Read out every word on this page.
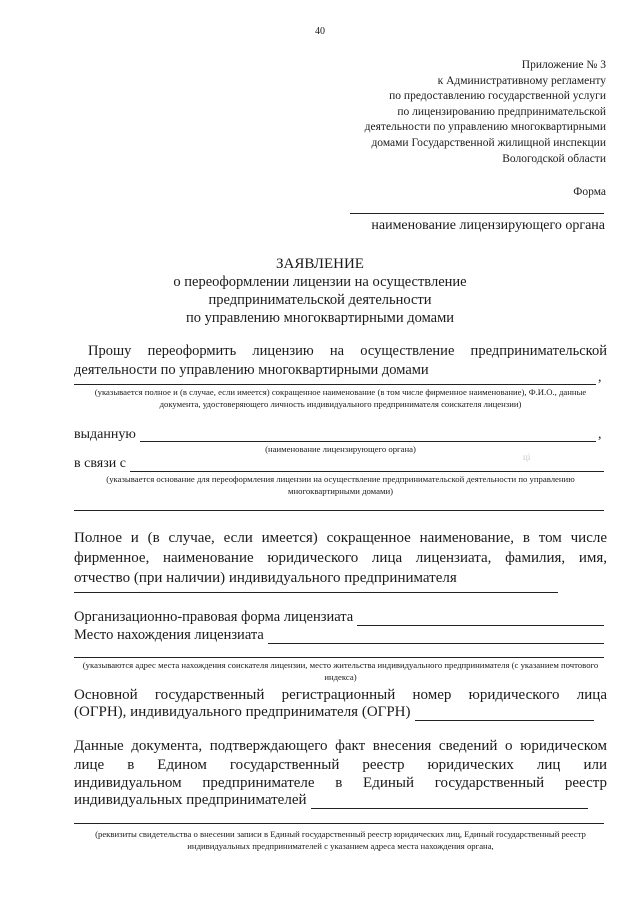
40
Приложение № 3
к Административному регламенту
по предоставлению государственной услуги
по лицензированию предпринимательской
деятельности по управлению многоквартирными
домами Государственной жилищной инспекции
Вологодской области
Форма
наименование лицензирующего органа
ЗАЯВЛЕНИЕ
о переоформлении лицензии на осуществление
предпринимательской деятельности
по управлению многоквартирными домами
Прошу переоформить лицензию на осуществление предпринимательской
деятельности по управлению многоквартирными домами	,
(указывается полное и (в случае, если имеется) сокращенное наименование (в том числе фирменное наименование), Ф.И.О., данные документа, удостоверяющего личность индивидуального предпринимателя соискателя лицензии)
выданную	,
(наименование лицензирующего органа)
ці
в связи с
(указывается основание для переоформления лицензии на осуществление предпринимательской деятельности по управлению многоквартирными домами)
Полное и (в случае, если имеется) сокращенное наименование, в том числе
фирменное, наименование юридического лица лицензиата, фамилия, имя,
отчество (при наличии) индивидуального предпринимателя
Организационно-правовая форма лицензиата
Место нахождения лицензиата
(указываются адрес места нахождения соискателя лицензии, место жительства индивидуального предпринимателя (с указанием почтового индекса)
Основной государственный регистрационный номер юридического лица
(ОГРН), индивидуального предпринимателя (ОГРН)
Данные документа, подтверждающего факт внесения сведений о юридическом
лице в Едином государственный реестр юридических лиц или
индивидуальном предпринимателе в Единый государственный реестр
индивидуальных предпринимателей
(реквизиты свидетельства о внесении записи в Единый государственный реестр юридических лиц, Единый государственный реестр индивидуальных предпринимателей с указанием адреса места нахождения органа,
